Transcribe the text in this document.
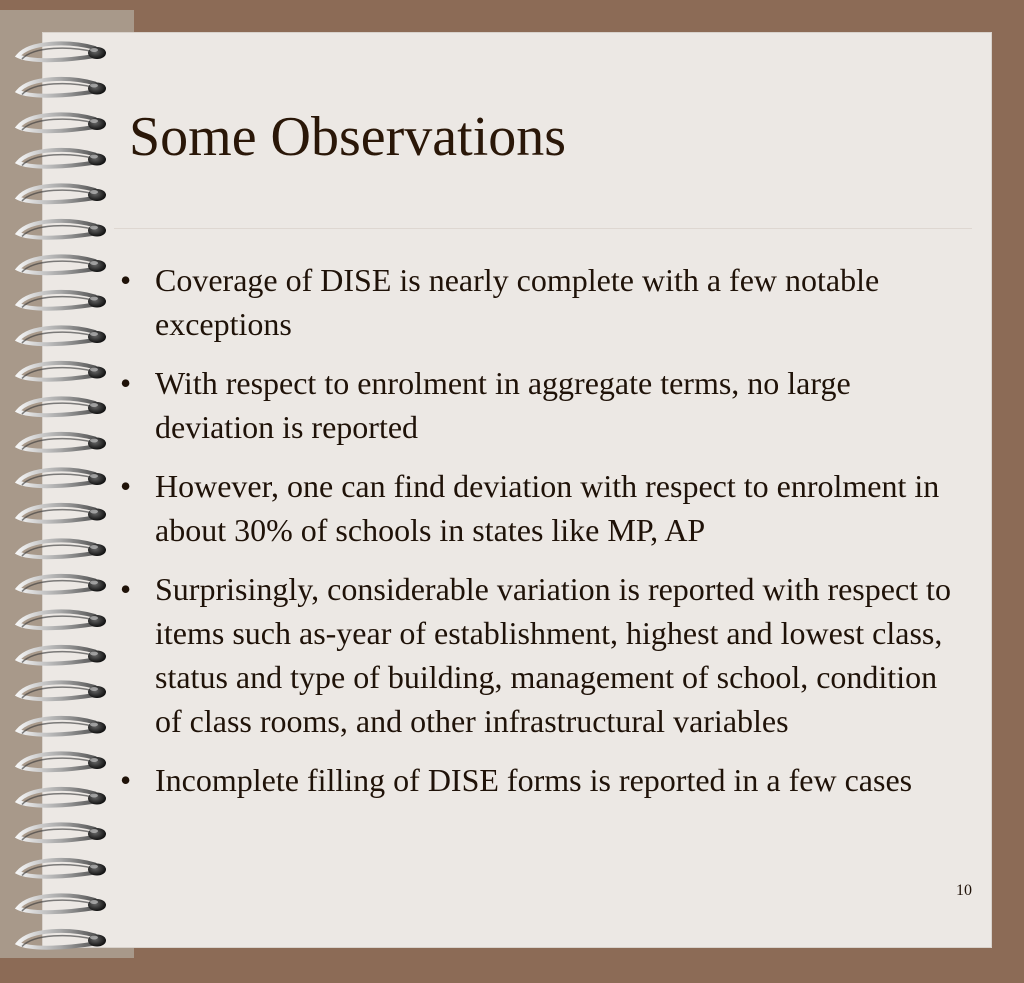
Some Observations
• Coverage of DISE is nearly complete with a few notable exceptions
• With respect to enrolment in aggregate terms, no large deviation is reported
• However, one can find deviation with respect to enrolment in about 30% of schools in states like MP, AP
• Surprisingly, considerable variation is reported with respect to items such as-year of establishment, highest and lowest class, status and type of building, management of school, condition of class rooms, and other infrastructural variables
• Incomplete filling of DISE forms is reported in a few cases
10
